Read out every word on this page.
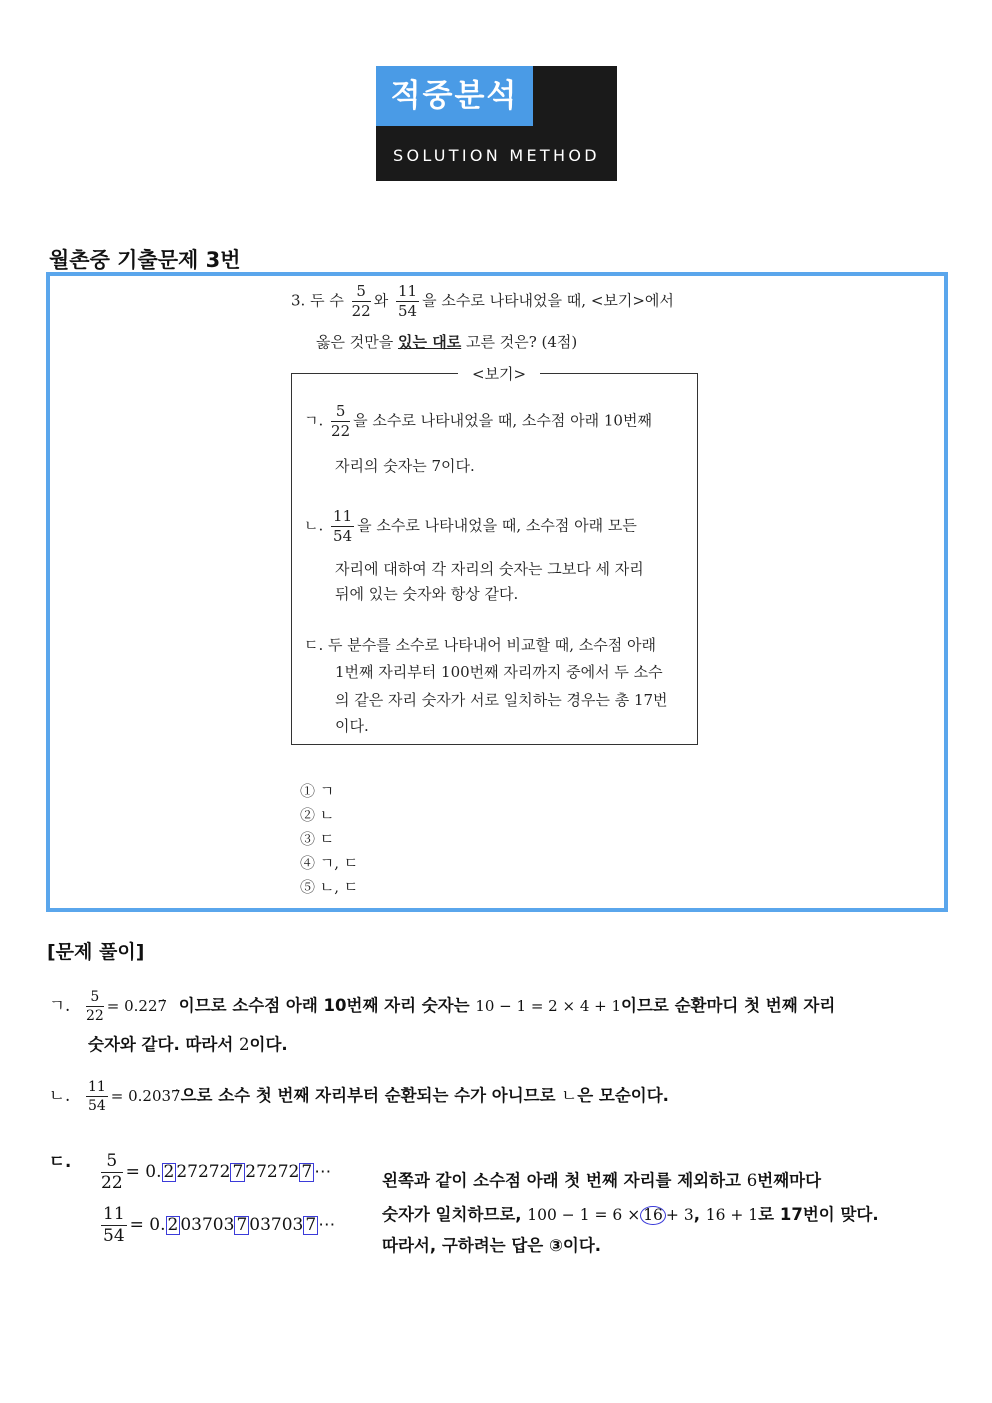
적중분석
SOLUTION METHOD
월촌중 기출문제 3번
3. 두 수 $\frac{5}{22}$ 와 $\frac{11}{54}$ 을 소수로 나타내었을 때, <보기>에서
옳은 것만을 있는 대로 고른 것은? (4점)
<보기>
ㄱ. $\frac{5}{22}$ 을 소수로 나타내었을 때, 소수점 아래 10번째
자리의 숫자는 7이다.
ㄴ. $\frac{11}{54}$ 을 소수로 나타내었을 때, 소수점 아래 모든
자리에 대하여 각 자리의 숫자는 그보다 세 자리
뒤에 있는 숫자와 항상 같다.
ㄷ. 두 분수를 소수로 나타내어 비교할 때, 소수점 아래
1번째 자리부터 100번째 자리까지 중에서 두 소수
의 같은 자리 숫자가 서로 일치하는 경우는 총 17번
이다.
① ㄱ
② ㄴ
③ ㄷ
④ ㄱ, ㄷ
⑤ ㄴ, ㄷ
[문제 풀이]
ㄱ. $\frac{5}{22}$ = 0.227̇ 이므로 소수점 아래 10번째 자리 숫자는 10 − 1 = 2 × 4 + 1이므로 순환마디 첫 번째 자리
숫자와 같다. 따라서 2이다.
ㄴ. $\frac{11}{54}$ = 0.2037̇으로 소수 첫 번째 자리부터 순환되는 수가 아니므로 ㄴ은 모순이다.
ㄷ. $\frac{5}{22} = 0$. 2 27272 7 27272 7 ⋯
$\frac{11}{54} = 0$. 2 03703 7 03703 7 ⋯
왼쪽과 같이 소수점 아래 첫 번째 자리를 제외하고 6번째마다
숫자가 일치하므로, 100 − 1 = 6 × 16 + 3, 16 + 1로 17번이 맞다.
따라서, 구하려는 답은 ③이다.
